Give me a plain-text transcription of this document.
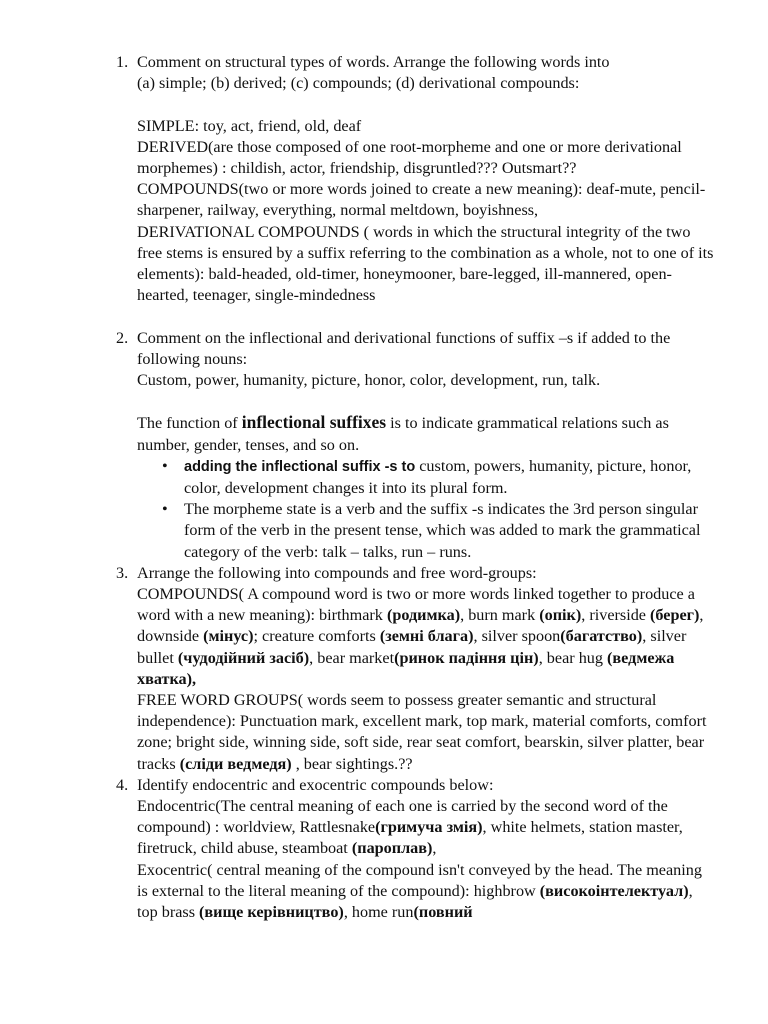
1. Comment on structural types of words. Arrange the following words into
(a) simple; (b) derived; (c) compounds; (d) derivational compounds:
SIMPLE: toy, act, friend, old, deaf
DERIVED(are those composed of one root-morpheme and one or more derivational morphemes) : childish, actor, friendship, disgruntled??? Outsmart??
COMPOUNDS(two or more words joined to create a new meaning): deaf-mute, pencil-sharpener, railway, everything, normal meltdown, boyishness,
DERIVATIONAL COMPOUNDS ( words in which the structural integrity of the two free stems is ensured by a suffix referring to the combination as a whole, not to one of its elements): bald-headed, old-timer, honeymooner, bare-legged, ill-mannered, open- hearted, teenager, single-mindedness
2. Comment on the inflectional and derivational functions of suffix –s if added to the following nouns:
Custom, power, humanity, picture, honor, color, development, run, talk.
The function of inflectional suffixes is to indicate grammatical relations such as number, gender, tenses, and so on.
• adding the inflectional suffix -s to custom, powers, humanity, picture, honor, color, development changes it into its plural form.
• The morpheme state is a verb and the suffix -s indicates the 3rd person singular form of the verb in the present tense, which was added to mark the grammatical category of the verb: talk – talks, run – runs.
3. Arrange the following into compounds and free word-groups:
COMPOUNDS( A compound word is two or more words linked together to produce a word with a new meaning): birthmark (родимка), burn mark (опік), riverside (берег), downside (мінус); creature comforts (земні блага), silver spoon(багатство), silver bullet (чудодійний засіб), bear market(ринок падіння цін), bear hug (ведмежа хватка),
FREE WORD GROUPS( words seem to possess greater semantic and structural independence): Punctuation mark, excellent mark, top mark, material comforts, comfort zone; bright side, winning side, soft side, rear seat comfort, bearskin, silver platter, bear tracks (сліди ведмедя) , bear sightings.??
4. Identify endocentric and exocentric compounds below:
Endocentric(The central meaning of each one is carried by the second word of the compound) : worldview, Rattlesnake(гримуча змія), white helmets, station master, firetruck, child abuse, steamboat (пароплав),
Exocentric( central meaning of the compound isn't conveyed by the head. The meaning is external to the literal meaning of the compound): highbrow (високоінтелектуал), top brass (вище керівництво), home run(повний
